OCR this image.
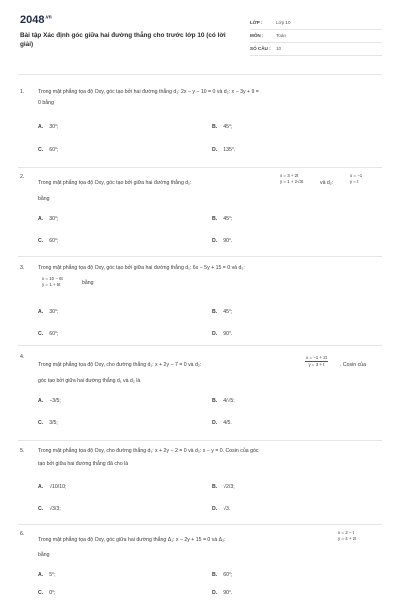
$2048^{.vn}$
Bài tập Xác định góc giữa hai đường thẳng cho trước lớp 10 (có lời giải)
LỚP :	Lớp 10
MÔN :	Toán
SỐ CÂU : 10
1.	Trong mặt phẳng tọa độ Oxy, góc tạo bởi hai đường thẳng d₁: 2x − y − 10 = 0 và d₂: x − 3y + 9 =
0 bằng
A. 30°;	B. 45°;
C. 60°;	D. 135°.
2.
Trong mặt phẳng tọa độ Oxy, góc tạo bởi giữa hai đường thẳng d₁:
x = 3 + 2t
y = 1 + 2√3t	và d₂:
x = −1
y = t
bằng
A. 30°;	B. 45°;
C. 60°;	D. 90°.
3.	Trong mặt phẳng tọa độ Oxy, góc tạo bởi giữa hai đường thẳng d₁: 6x − 5y + 15 = 0 và d₂:
x = 10 − 6t
y = 1 + 5t	bằng
A. 30°;	B. 45°;
C. 60°;	D. 90°.
4.
Trong mặt phẳng tọa độ Oxy, cho đường thẳng d₁: x + 2y − 7 = 0 và d₂:	$\frac{x = -1 + 2t}{y = 3 + t}$ . Cosin của
góc tạo bởi giữa hai đường thẳng d₁ và d₂ là
A. −3/5;	B. 4/√5;
C. 3/5;	D. 4/5.
5.	Trong mặt phẳng tọa độ Oxy, cho đường thẳng d₁: x + 2y − 2 = 0 và d₂: x − y = 0. Cosin của góc
tạo bởi giữa hai đường thẳng đã cho là
A. √10/10;	B. √2/3;
C. √3/3;	D. √3.
6.
Trong mặt phẳng tọa độ Oxy, góc giữa hai đường thẳng Δ₁: x − 2y + 15 = 0 và Δ₂:
x = 2 − t
y = 4 + 2t
bằng
A. 5°;	B. 60°;
C. 0°;	D. 90°.
